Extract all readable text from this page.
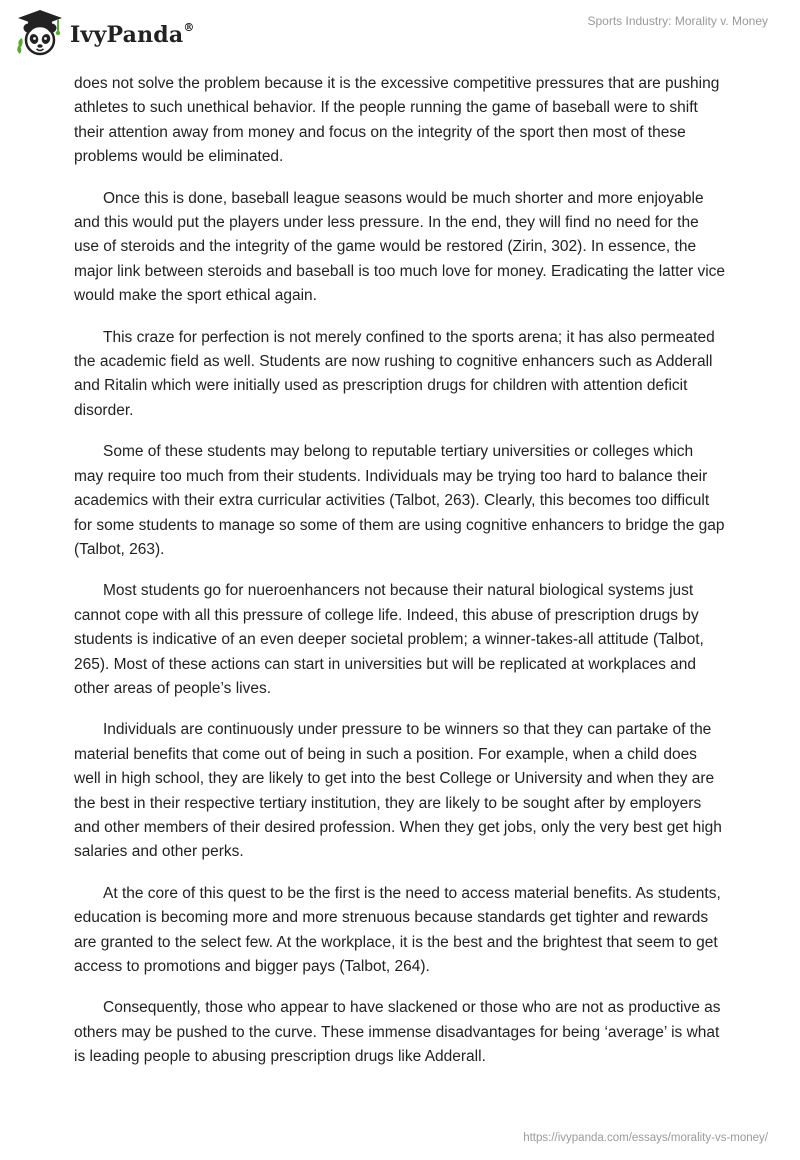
IvyPanda®	Sports Industry: Morality v. Money

does not solve the problem because it is the excessive competitive pressures that are pushing athletes to such unethical behavior. If the people running the game of baseball were to shift their attention away from money and focus on the integrity of the sport then most of these problems would be eliminated.

Once this is done, baseball league seasons would be much shorter and more enjoyable and this would put the players under less pressure. In the end, they will find no need for the use of steroids and the integrity of the game would be restored (Zirin, 302). In essence, the major link between steroids and baseball is too much love for money. Eradicating the latter vice would make the sport ethical again.

This craze for perfection is not merely confined to the sports arena; it has also permeated the academic field as well. Students are now rushing to cognitive enhancers such as Adderall and Ritalin which were initially used as prescription drugs for children with attention deficit disorder.

Some of these students may belong to reputable tertiary universities or colleges which may require too much from their students. Individuals may be trying too hard to balance their academics with their extra curricular activities (Talbot, 263). Clearly, this becomes too difficult for some students to manage so some of them are using cognitive enhancers to bridge the gap (Talbot, 263).

Most students go for nueroenhancers not because their natural biological systems just cannot cope with all this pressure of college life. Indeed, this abuse of prescription drugs by students is indicative of an even deeper societal problem; a winner-takes-all attitude (Talbot, 265). Most of these actions can start in universities but will be replicated at workplaces and other areas of people’s lives.

Individuals are continuously under pressure to be winners so that they can partake of the material benefits that come out of being in such a position. For example, when a child does well in high school, they are likely to get into the best College or University and when they are the best in their respective tertiary institution, they are likely to be sought after by employers and other members of their desired profession. When they get jobs, only the very best get high salaries and other perks.

At the core of this quest to be the first is the need to access material benefits. As students, education is becoming more and more strenuous because standards get tighter and rewards are granted to the select few. At the workplace, it is the best and the brightest that seem to get access to promotions and bigger pays (Talbot, 264).

Consequently, those who appear to have slackened or those who are not as productive as others may be pushed to the curve. These immense disadvantages for being ‘average’ is what is leading people to abusing prescription drugs like Adderall.

https://ivypanda.com/essays/morality-vs-money/
